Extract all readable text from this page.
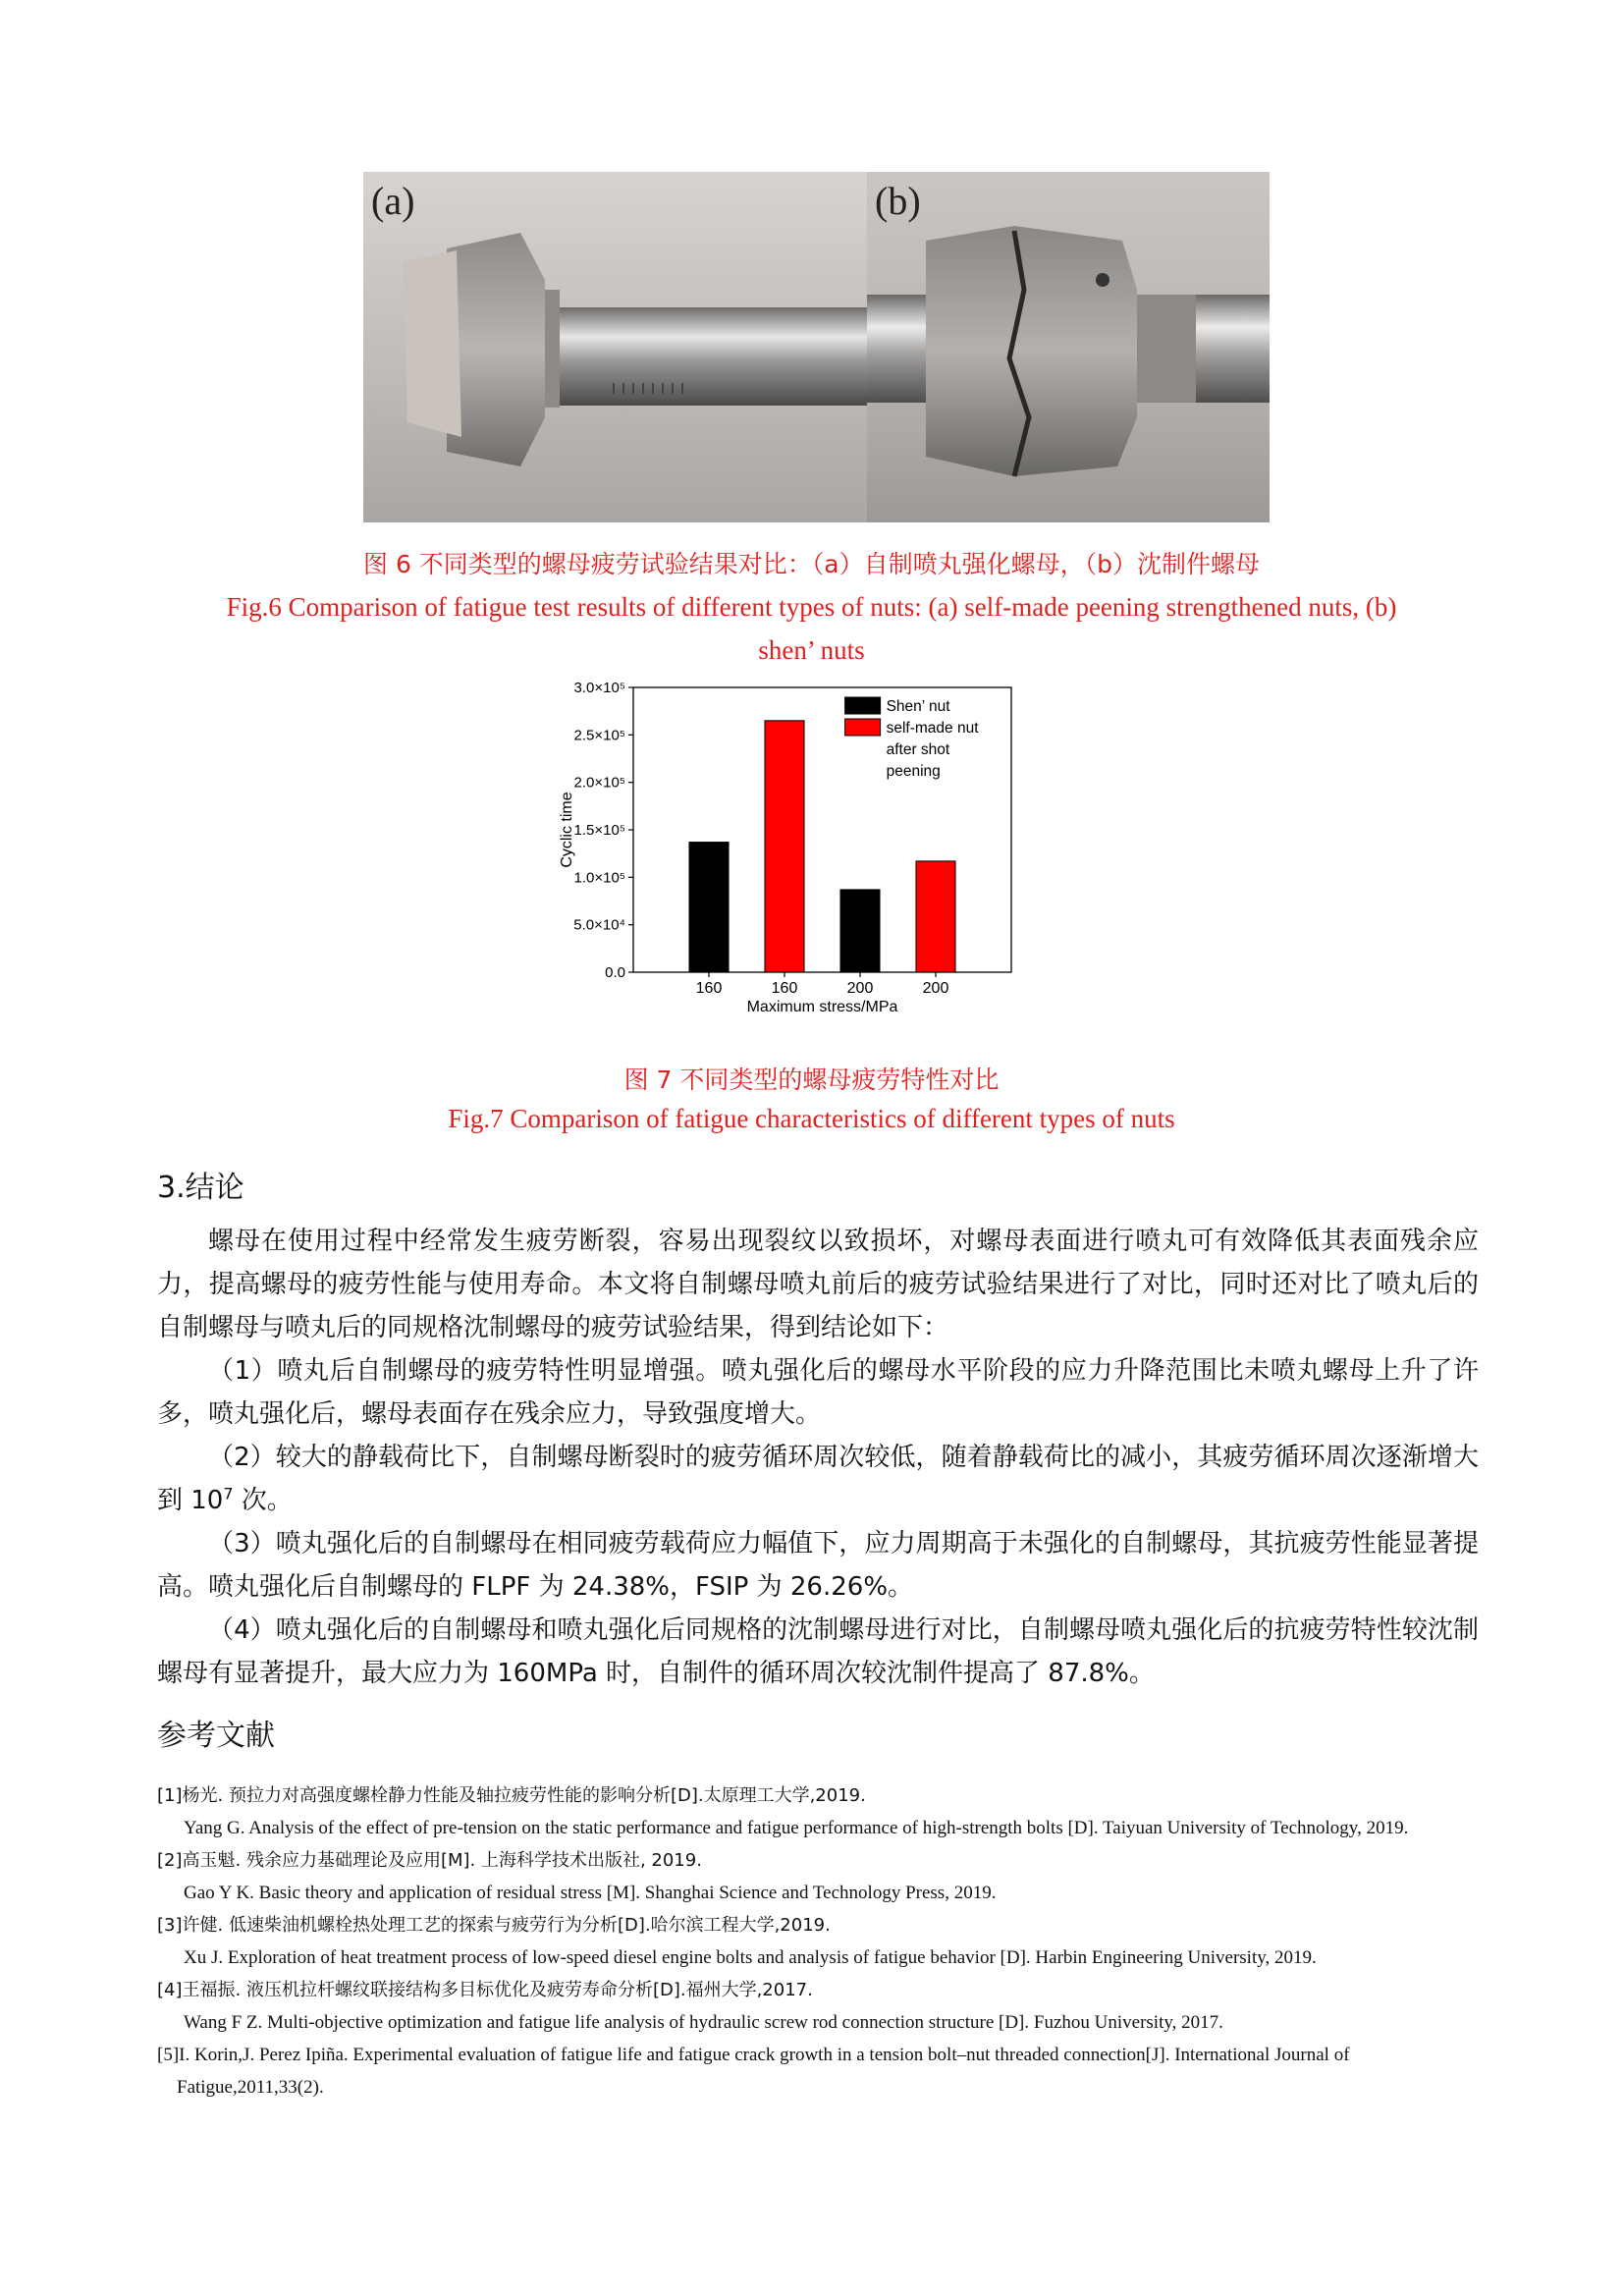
(a)	(b)
图 6 不同类型的螺母疲劳试验结果对比：（a）自制喷丸强化螺母，（b）沈制件螺母
Fig.6 Comparison of fatigue test results of different types of nuts: (a) self-made peening strengthened nuts, (b)
shen’ nuts
0.0
5.0×10⁴
1.0×10⁵
1.5×10⁵
2.0×10⁵
2.5×10⁵
3.0×10⁵
160	160	200	200
Shen’ nut
self-made nut
after shot
peening
Cyclic time
Maximum stress/MPa
图 7 不同类型的螺母疲劳特性对比
Fig.7 Comparison of fatigue characteristics of different types of nuts
3.结论

螺母在使用过程中经常发生疲劳断裂，容易出现裂纹以致损坏，对螺母表面进行喷丸可有效降低其表面残余应力，提高螺母的疲劳性能与使用寿命。本文将自制螺母喷丸前后的疲劳试验结果进行了对比，同时还对比了喷丸后的自制螺母与喷丸后的同规格沈制螺母的疲劳试验结果，得到结论如下：

（1）喷丸后自制螺母的疲劳特性明显增强。喷丸强化后的螺母水平阶段的应力升降范围比未喷丸螺母上升了许多，喷丸强化后，螺母表面存在残余应力，导致强度增大。

（2）较大的静载荷比下，自制螺母断裂时的疲劳循环周次较低，随着静载荷比的减小，其疲劳循环周次逐渐增大到 $10^7$ 次。

（3）喷丸强化后的自制螺母在相同疲劳载荷应力幅值下，应力周期高于未强化的自制螺母，其抗疲劳性能显著提高。喷丸强化后自制螺母的 FLPF 为 24.38%，FSIP 为 26.26%。

（4）喷丸强化后的自制螺母和喷丸强化后同规格的沈制螺母进行对比，自制螺母喷丸强化后的抗疲劳特性较沈制螺母有显著提升，最大应力为 160MPa 时，自制件的循环周次较沈制件提高了 87.8%。

参考文献
[1]杨光. 预拉力对高强度螺栓静力性能及轴拉疲劳性能的影响分析[D].太原理工大学,2019.
Yang G. Analysis of the effect of pre-tension on the static performance and fatigue performance of high-strength bolts [D]. Taiyuan University of Technology, 2019.
[2]高玉魁. 残余应力基础理论及应用[M]. 上海科学技术出版社, 2019.
Gao Y K. Basic theory and application of residual stress [M]. Shanghai Science and Technology Press, 2019.
[3]许健. 低速柴油机螺栓热处理工艺的探索与疲劳行为分析[D].哈尔滨工程大学,2019.
Xu J. Exploration of heat treatment process of low-speed diesel engine bolts and analysis of fatigue behavior [D]. Harbin Engineering University, 2019.
[4]王福振. 液压机拉杆螺纹联接结构多目标优化及疲劳寿命分析[D].福州大学,2017.
Wang F Z. Multi-objective optimization and fatigue life analysis of hydraulic screw rod connection structure [D]. Fuzhou University, 2017.
[5]I. Korin,J. Perez Ipiña. Experimental evaluation of fatigue life and fatigue crack growth in a tension bolt–nut threaded connection[J]. International Journal of Fatigue,2011,33(2).
